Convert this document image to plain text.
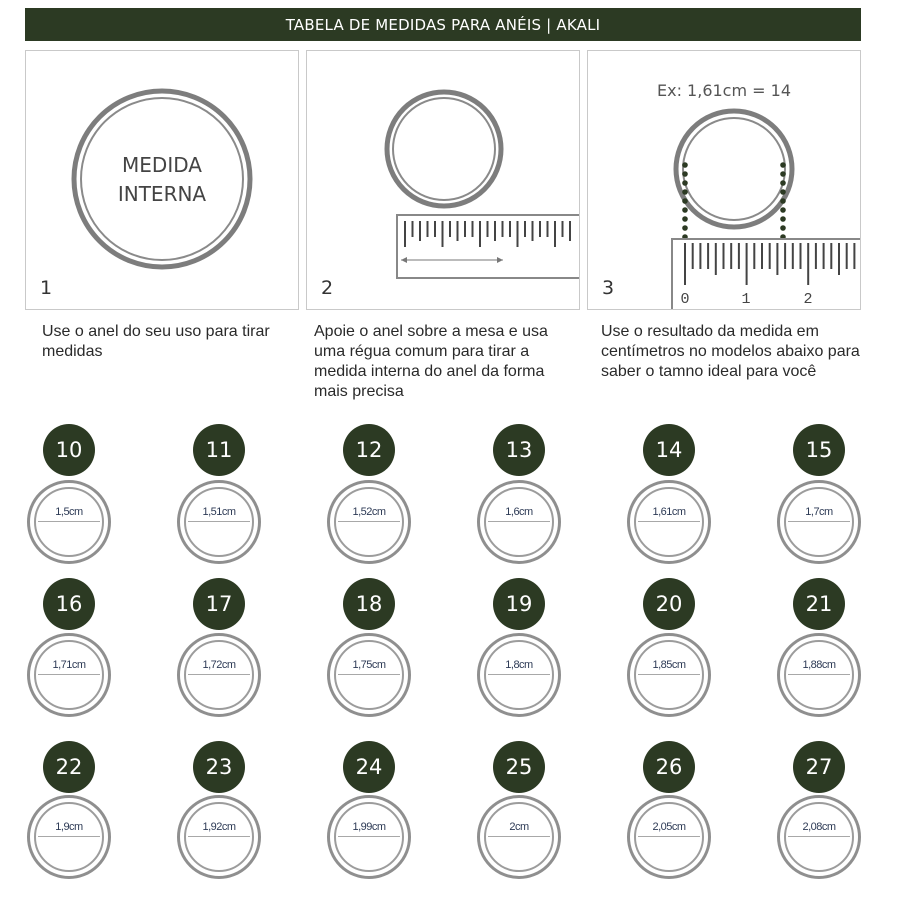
TABELA DE MEDIDAS PARA ANÉIS | AKALI
MEDIDA
INTERNA
1	2
Ex: 1,61cm = 14
0	1	2
3
Use o anel do seu uso para tirar medidas
Apoie o anel sobre a mesa e usa uma régua comum para tirar a medida interna do anel da forma mais precisa
Use o resultado da medida em centímetros no modelos abaixo para saber o tamno ideal para você
10
1,5cm
11
1,51cm
12
1,52cm
13
1,6cm
14
1,61cm
15
1,7cm
16
1,71cm
17
1,72cm
18
1,75cm
19
1,8cm
20
1,85cm
21
1,88cm
22
1,9cm
23
1,92cm
24
1,99cm
25
2cm
26
2,05cm
27
2,08cm
